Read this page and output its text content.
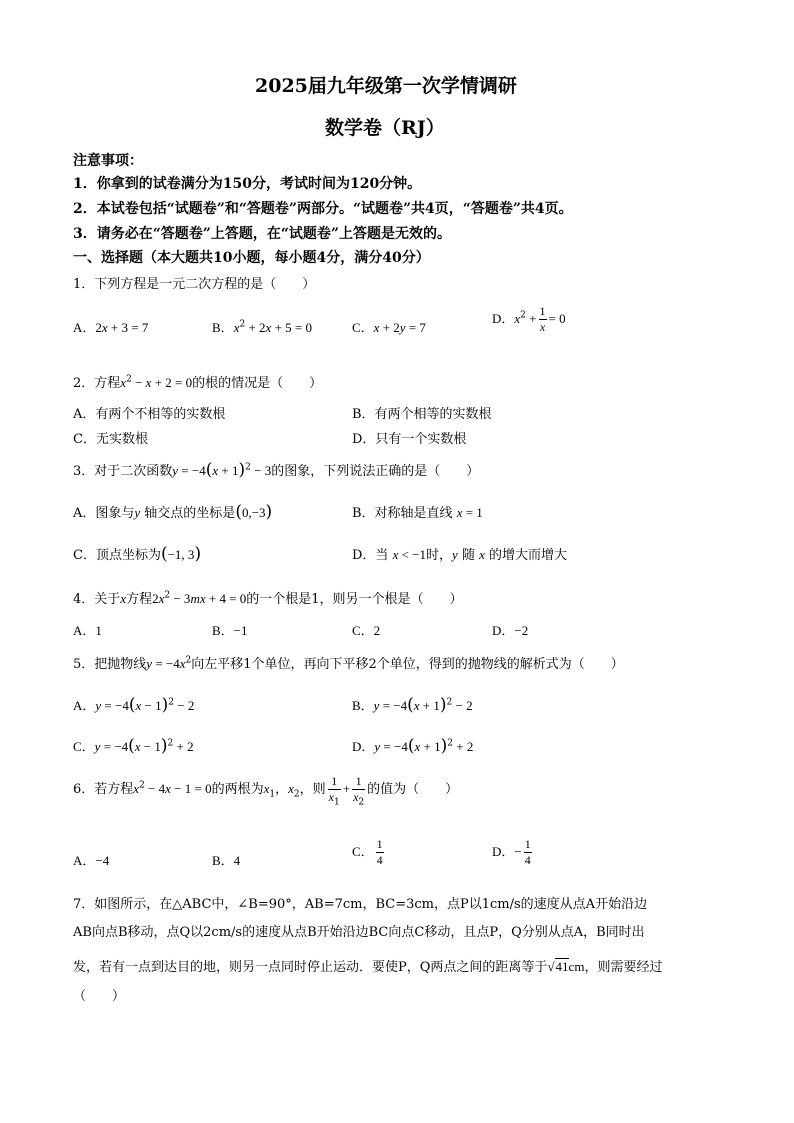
2025届九年级第一次学情调研
数学卷（RJ）
注意事项：
1．你拿到的试卷满分为150分，考试时间为120分钟。
2．本试卷包括“试题卷”和“答题卷”两部分。“试题卷”共4页，“答题卷”共4页。
3．请务必在“答题卷”上答题，在“试题卷”上答题是无效的。
一、选择题（本大题共10小题，每小题4分，满分40分）
1．下列方程是一元二次方程的是（　　）
A．2x + 3 = 7	B．$x^2 + 2x + 5 = 0$	C．x + 2y = 7
D．$x^2 + \frac{1}{x} = 0$
2．方程$x^2 - x + 2 = 0$的根的情况是（　　）
A．有两个不相等的实数根	B．有两个相等的实数根
C．无实数根	D．只有一个实数根
3．对于二次函数$y = -4(x + 1)^2 - 3$的图象，下列说法正确的是（　　）
A．图象与y 轴交点的坐标是(0,−3)	B．对称轴是直线 x = 1
C．顶点坐标为(−1, 3)	D．当 x < −1时，y 随 x 的增大而增大
4．关于x方程$2x^2 - 3mx + 4 = 0$的一个根是1，则另一个根是（　　）
A．1	B．−1	C．2	D．−2
5．把抛物线$y = -4x^2$向左平移1个单位，再向下平移2个单位，得到的抛物线的解析式为（　　）
A．$y = -4(x - 1)^2 - 2$	B．$y = -4(x + 1)^2 - 2$
C．$y = -4(x - 1)^2 + 2$	D．$y = -4(x + 1)^2 + 2$
6．若方程$x^2 - 4x - 1 = 0$的两根为$x_1$，$x_2$，则 $\frac{1}{x_1} + \frac{1}{x_2}$ 的值为（　　）
A．−4	B．4
C． $\frac{1}{4}$	D．− $\frac{1}{4}$
7．如图所示，在△ABC中，∠B=90°，AB=7cm，BC=3cm，点P以1cm/s的速度从点A开始沿边
AB向点B移动，点Q以2cm/s的速度从点B开始沿边BC向点C移动，且点P，Q分别从点A，B同时出
发，若有一点到达目的地，则另一点同时停止运动．要使P，Q两点之间的距离等于√41cm，则需要经过
（　　）
